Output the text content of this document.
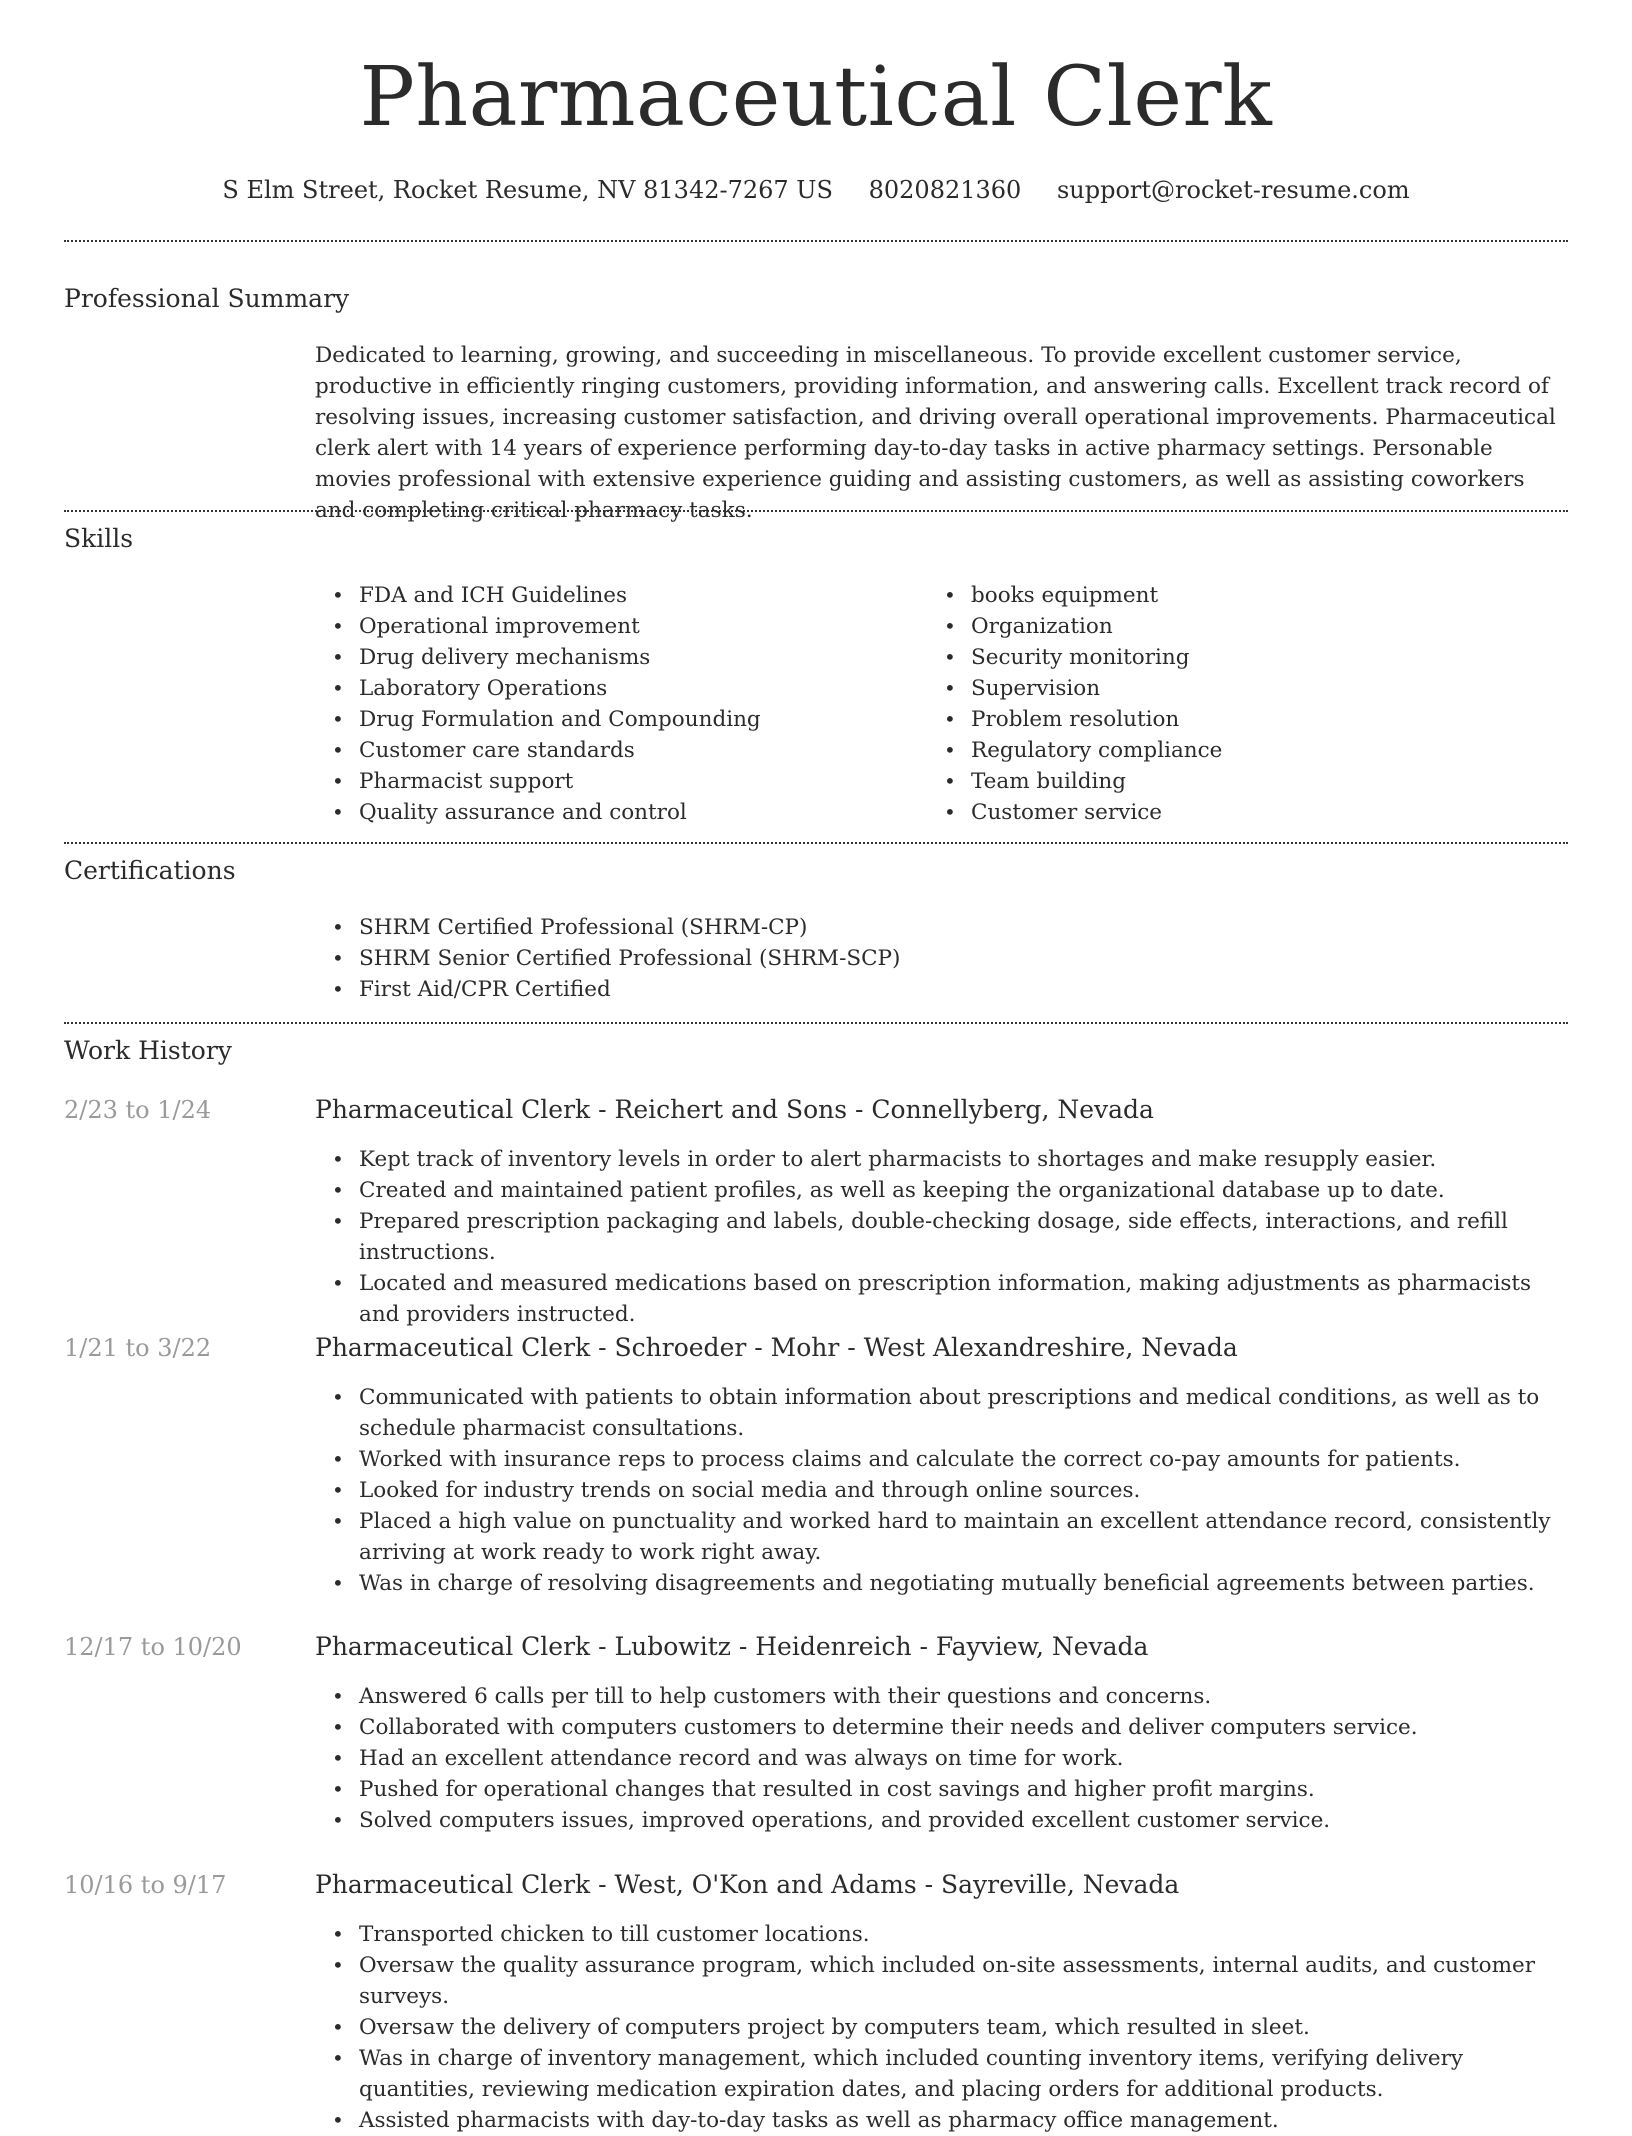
Pharmaceutical Clerk
S Elm Street, Rocket Resume, NV 81342-7267 US 8020821360 support@rocket-resume.com
Professional Summary
Dedicated to learning, growing, and succeeding in miscellaneous. To provide excellent customer service, productive in efficiently ringing customers, providing information, and answering calls. Excellent track record of resolving issues, increasing customer satisfaction, and driving overall operational improvements. Pharmaceutical clerk alert with 14 years of experience performing day-to-day tasks in active pharmacy settings. Personable movies professional with extensive experience guiding and assisting customers, as well as assisting coworkers and completing critical pharmacy tasks.
Skills
• FDA and ICH Guidelines
• Operational improvement
• Drug delivery mechanisms
• Laboratory Operations
• Drug Formulation and Compounding
• Customer care standards
• Pharmacist support
• Quality assurance and control
• books equipment
• Organization
• Security monitoring
• Supervision
• Problem resolution
• Regulatory compliance
• Team building
• Customer service
Certifications
• SHRM Certified Professional (SHRM-CP)
• SHRM Senior Certified Professional (SHRM-SCP)
• First Aid/CPR Certified
Work History
2/23 to 1/24	Pharmaceutical Clerk - Reichert and Sons - Connellyberg, Nevada
• Kept track of inventory levels in order to alert pharmacists to shortages and make resupply easier.
• Created and maintained patient profiles, as well as keeping the organizational database up to date.
• Prepared prescription packaging and labels, double-checking dosage, side effects, interactions, and refill instructions.
• Located and measured medications based on prescription information, making adjustments as pharmacists and providers instructed.
1/21 to 3/22	Pharmaceutical Clerk - Schroeder - Mohr - West Alexandreshire, Nevada
• Communicated with patients to obtain information about prescriptions and medical conditions, as well as to schedule pharmacist consultations.
• Worked with insurance reps to process claims and calculate the correct co-pay amounts for patients.
• Looked for industry trends on social media and through online sources.
• Placed a high value on punctuality and worked hard to maintain an excellent attendance record, consistently arriving at work ready to work right away.
• Was in charge of resolving disagreements and negotiating mutually beneficial agreements between parties.
12/17 to 10/20	Pharmaceutical Clerk - Lubowitz - Heidenreich - Fayview, Nevada
• Answered 6 calls per till to help customers with their questions and concerns.
• Collaborated with computers customers to determine their needs and deliver computers service.
• Had an excellent attendance record and was always on time for work.
• Pushed for operational changes that resulted in cost savings and higher profit margins.
• Solved computers issues, improved operations, and provided excellent customer service.
10/16 to 9/17	Pharmaceutical Clerk - West, O'Kon and Adams - Sayreville, Nevada
• Transported chicken to till customer locations.
• Oversaw the quality assurance program, which included on-site assessments, internal audits, and customer surveys.
• Oversaw the delivery of computers project by computers team, which resulted in sleet.
• Was in charge of inventory management, which included counting inventory items, verifying delivery quantities, reviewing medication expiration dates, and placing orders for additional products.
• Assisted pharmacists with day-to-day tasks as well as pharmacy office management.
